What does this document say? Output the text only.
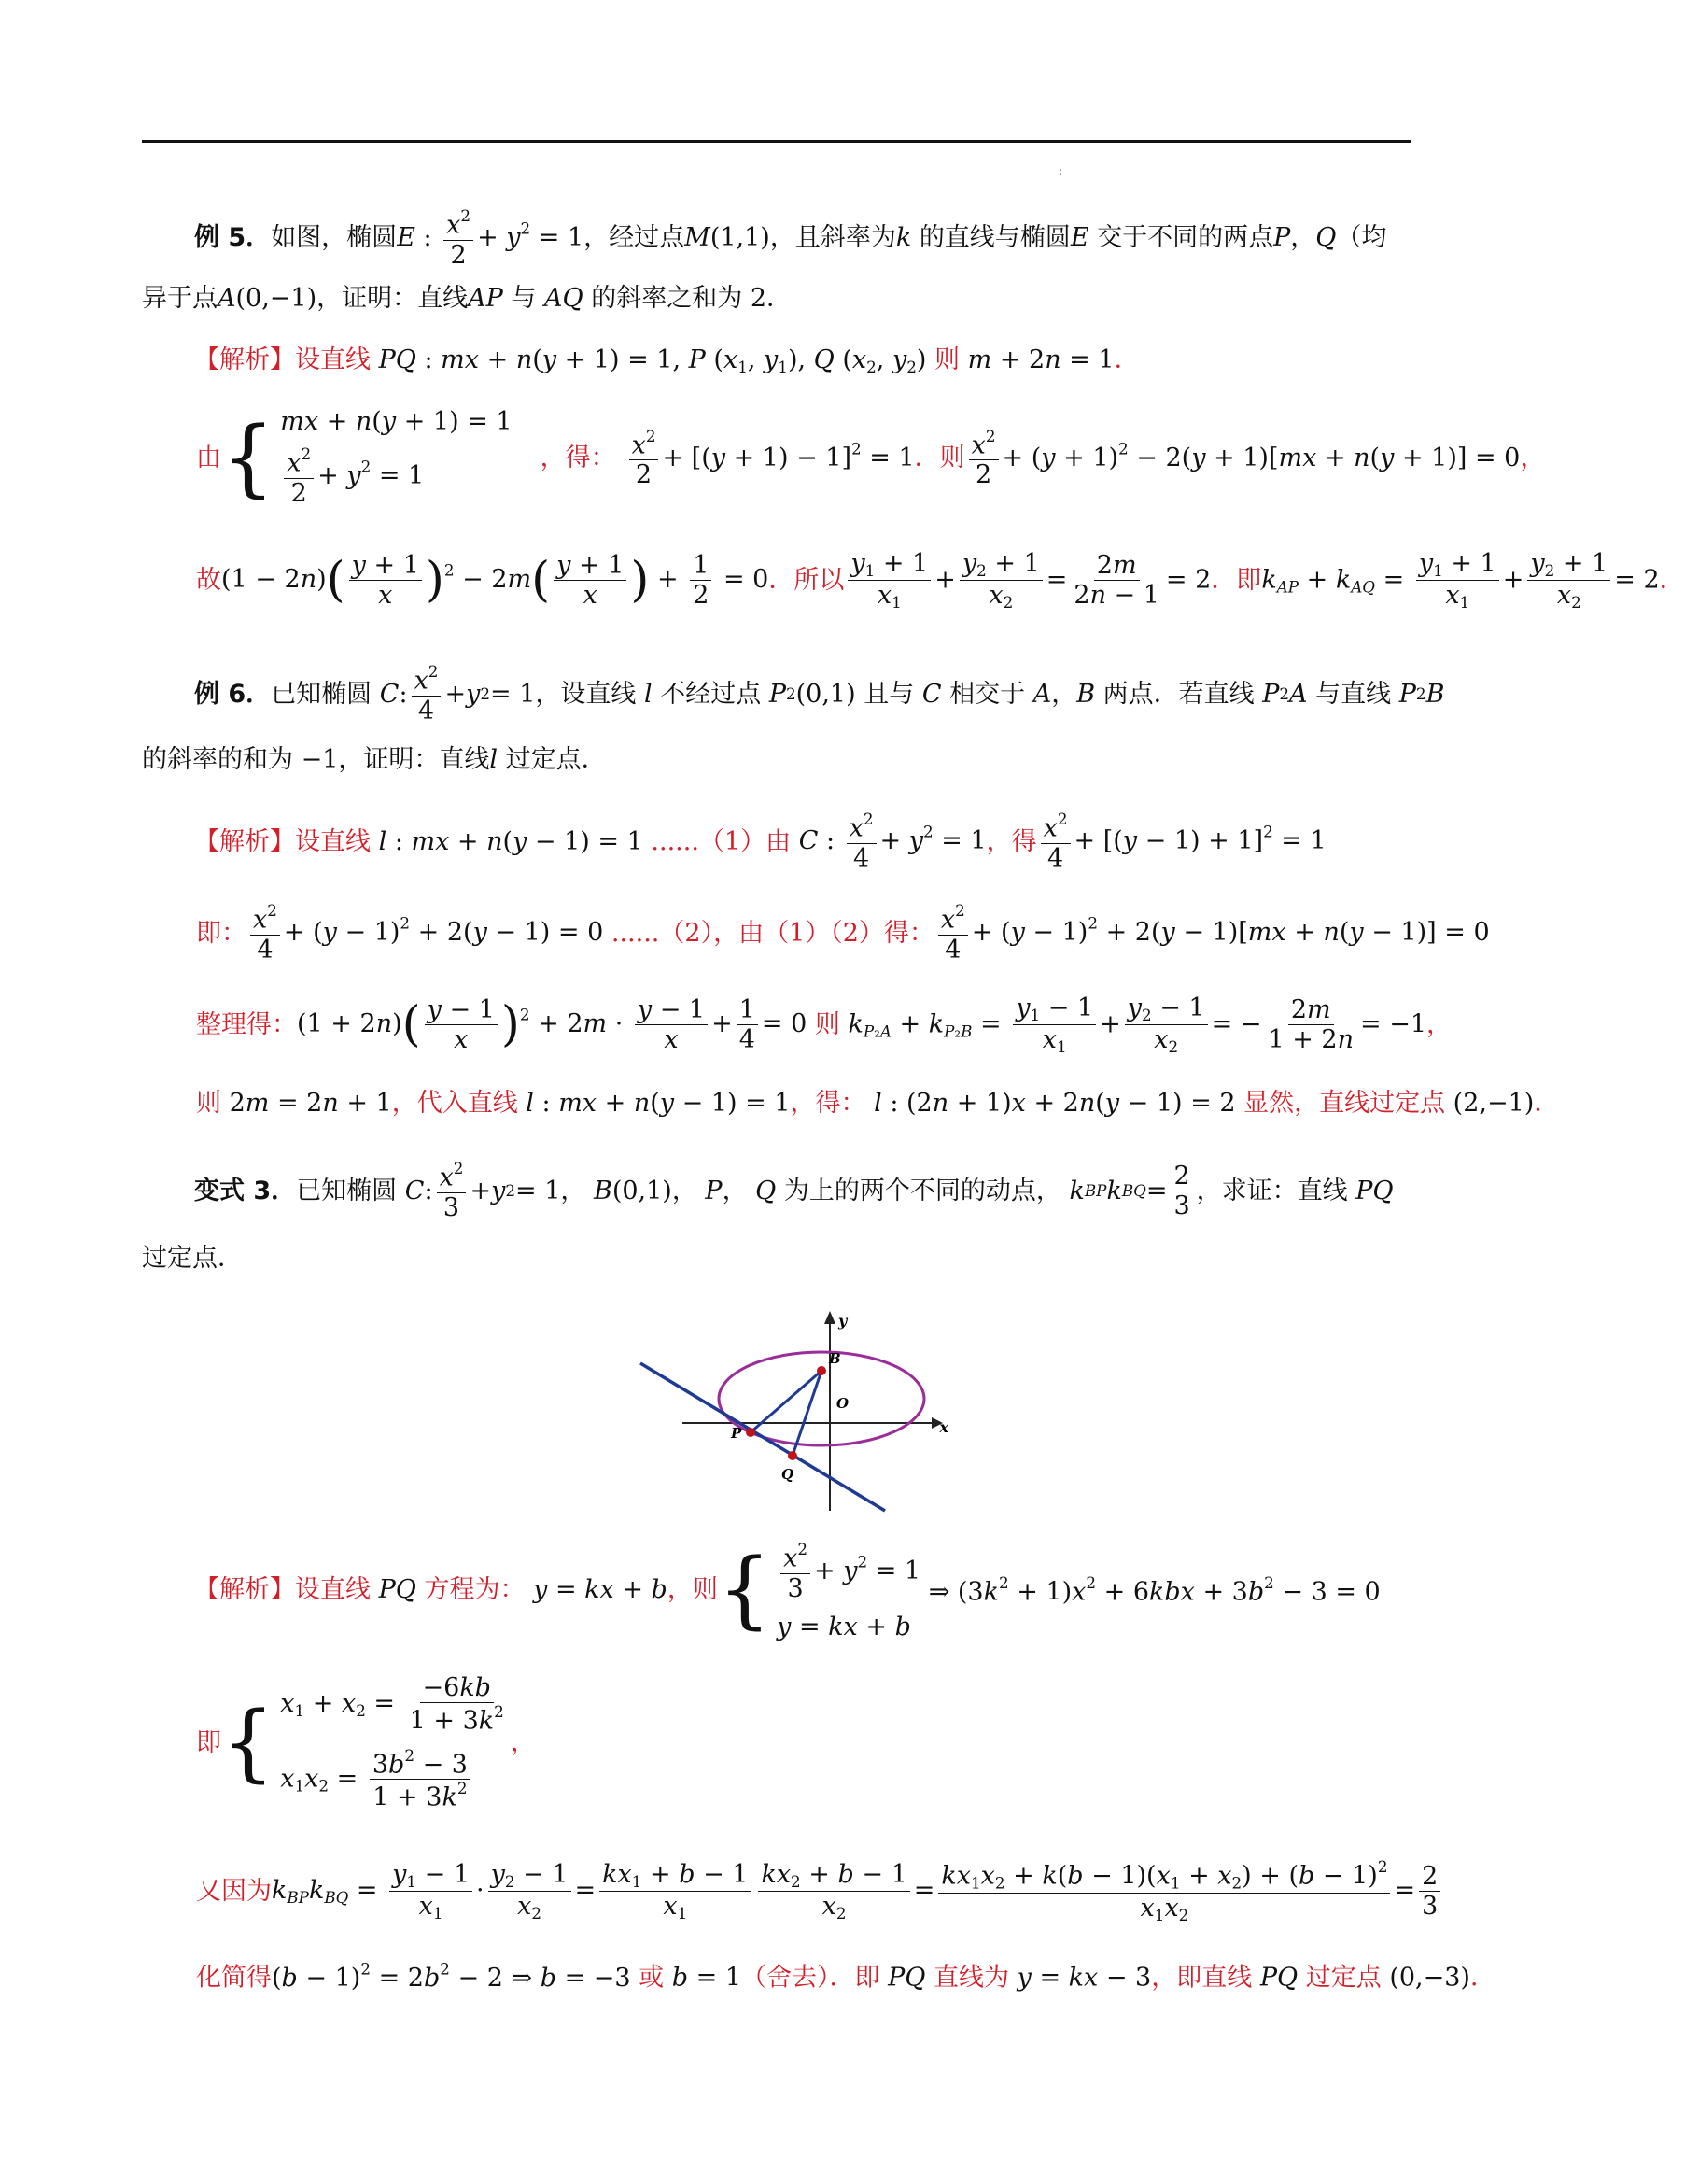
:
例 5．如图，椭圆E : $\frac{x^2}{2} + y^2 = 1$，经过点M(1,1)，且斜率为k 的直线与椭圆E 交于不同的两点P，Q（均
异于点A(0,−1)，证明：直线AP 与 AQ 的斜率之和为 2．
【解析】设直线 PQ : mx + n(y + 1) = 1, P ($x_1$, $y_1$), Q ($x_2$, $y_2$) 则 m + 2n = 1．
由 { mx + n(y + 1) = 1
$\frac{x^2}{2} + y^2 = 1$
，得： $\frac{x^2}{2} + [(y + 1) - 1]^2 = 1$ ．则 $\frac{x^2}{2} + (y + 1)^2 - 2(y + 1)[mx + n(y + 1)] = 0$ ，
故 $(1 - 2n)( \frac{y + 1}{x} )^2 - 2m( \frac{y + 1}{x}$ ) + $\frac{1}{2} = 0$ ．所以 $\frac{y_1 + 1}{x_1} + \frac{y_2 + 1}{x_2} = \frac{2m}{2n - 1} = 2$ ．即 $k_{AP} + k_{AQ} = \frac{y_1 + 1}{x_1} + \frac{y_2 + 1}{x_2} = 2$ ．
例 6． 已知椭圆
C : $\frac{x^2}{4} + y$ 2 = 1 ，设直线
l
不经过点
P 2 (0,1) 且与
C
相交于
A ， B
两点．若直线
P 2 A
与直线
P 2 B
的斜率的和为 −1，证明：直线l 过定点．
【解析】 设直线 l : mx + n(y − 1) = 1 ......（1）由 C : $\frac{x^2}{4} + y^2 = 1$ ，得 $\frac{x^2}{4} + [(y - 1) + 1]^2 = 1$
即： $\frac{x^2}{4} + (y - 1)^2 + 2(y - 1) = 0$ ......（2），由（1）（2）得： $\frac{x^2}{4} + (y - 1)^2 + 2(y - 1)[mx + n(y - 1)] = 0$
整理得： $(1 + 2n)( \frac{y - 1}{x} )^2 + 2m \cdot \frac{y - 1}{x} + \frac{1}{4} = 0$ 则 $k_{P_2A} + k_{P_2B} = \frac{y_1 - 1}{x_1} + \frac{y_2 - 1}{x_2}$ = − $\frac{2m}{1 + 2n} = -1$ ，
则 2m = 2n + 1，代入直线 l : mx + n(y − 1) = 1，得： l : (2n + 1)x + 2n(y − 1) = 2 显然，直线过定点 (2,−1)．
变式 3． 已知椭圆
C : $\frac{x^2}{3} + y$ 2 = 1， B (0,1)， P ， Q
为上的两个不同的动点，
k BP k BQ = $\frac{2}{3}$ ，求证：直线
PQ
过定点．
y
x
B
O
P
Q
【解析】 设直线 PQ 方程为： y = kx + b ， 则 { $\frac{x^2}{3} + y^2 = 1$
y = kx + b
⇒ $(3k^2 + 1)x^2 + 6kbx + 3b^2 - 3 = 0$
即 { $x_1 + x_2 = \frac{-6kb}{1 + 3k^2}$
$x_1x_2 = \frac{3b^2 - 3}{1 + 3k^2}$
，
又因为 $k_{BP}k_{BQ} = \frac{y_1 - 1}{x_1} \cdot \frac{y_2 - 1}{x_2} = \frac{kx_1 + b - 1}{x_1} \frac{kx_2 + b - 1}{x_2} = \frac{kx_1x_2 + k(b - 1)(x_1 + x_2) + (b - 1)^2}{x_1x_2} = \frac{2}{3}$
化简得$(b - 1)^2 = 2b^2 - 2$ ⇒ b = −3 或 b = 1（舍去）．即 PQ 直线为 y = kx − 3，即直线 PQ 过定点 (0,−3)．
